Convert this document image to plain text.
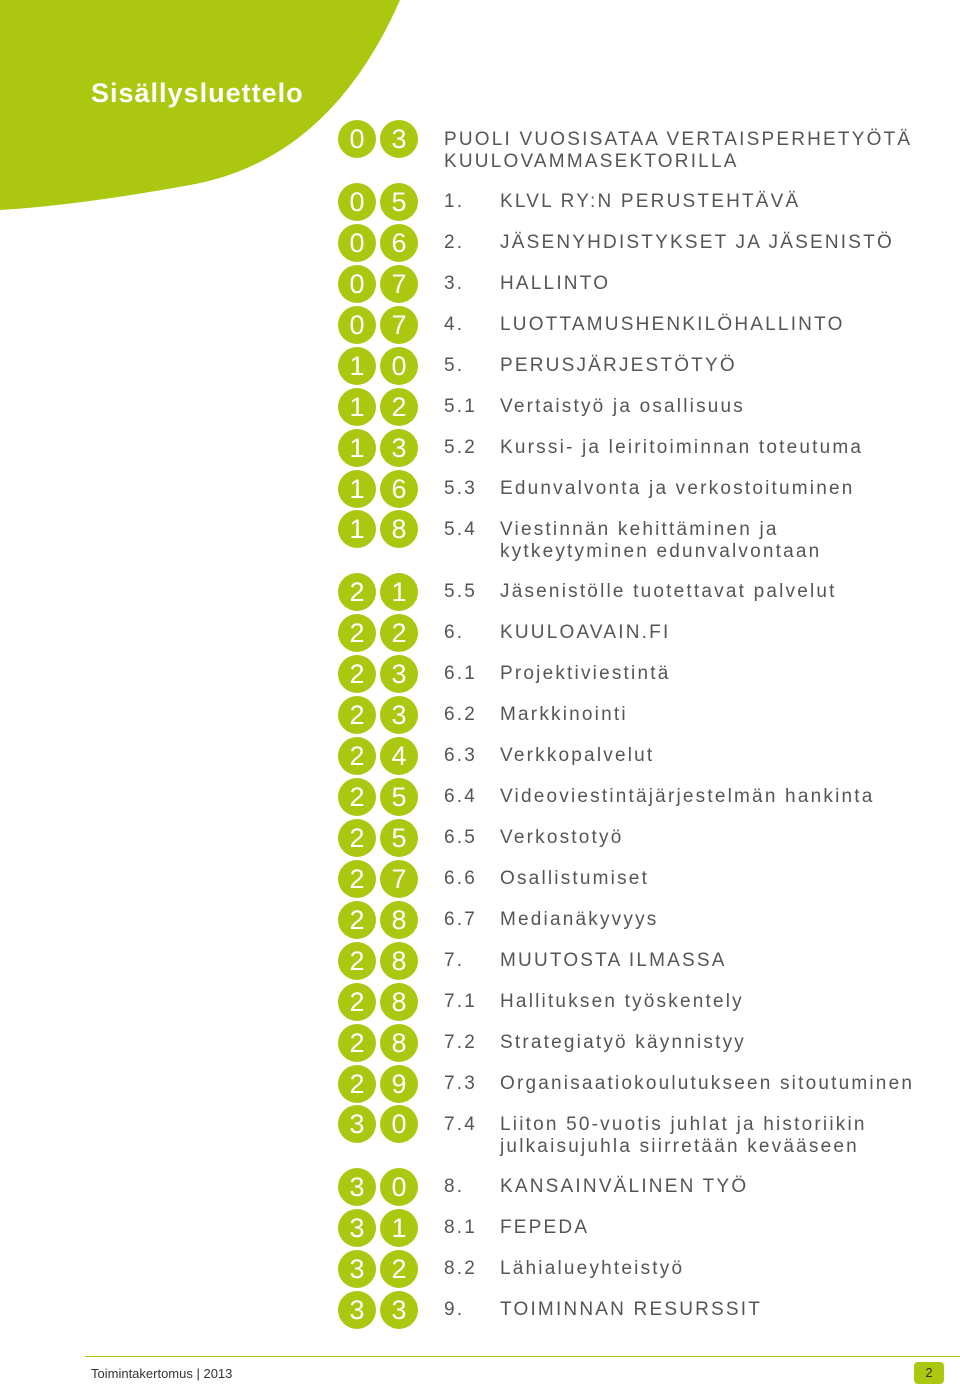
Sisällysluettelo
0 3	PUOLI VUOSISATAA VERTAISPERHETYÖTÄ
KUULOVAMMASEKTORILLA
0 5	1.	KLVL RY:N PERUSTEHTÄVÄ
0 6	2.	JÄSENYHDISTYKSET JA JÄSENISTÖ
0 7	3.	HALLINTO
0 7	4.	LUOTTAMUSHENKILÖHALLINTO
1 0	5.	PERUSJÄRJESTÖTYÖ
1 2	5.1	Vertaistyö ja osallisuus
1 3	5.2	Kurssi- ja leiritoiminnan toteutuma
1 6	5.3	Edunvalvonta ja verkostoituminen
1 8	5.4	Viestinnän kehittäminen ja
kytkeytyminen edunvalvontaan
2 1	5.5	Jäsenistölle tuotettavat palvelut
2 2	6.	KUULOAVAIN.FI
2 3	6.1	Projektiviestintä
2 3	6.2	Markkinointi
2 4	6.3	Verkkopalvelut
2 5	6.4	Videoviestintäjärjestelmän hankinta
2 5	6.5	Verkostotyö
2 7	6.6	Osallistumiset
2 8	6.7	Medianäkyvyys
2 8	7.	MUUTOSTA ILMASSA
2 8	7.1	Hallituksen työskentely
2 8	7.2	Strategiatyö käynnistyy
2 9	7.3	Organisaatiokoulutukseen sitoutuminen
3 0	7.4	Liiton 50-vuotis juhlat ja historiikin
julkaisujuhla siirretään kevääseen
3 0	8.	KANSAINVÄLINEN TYÖ
3 1	8.1	FEPEDA
3 2	8.2	Lähialueyhteistyö
3 3	9.	TOIMINNAN RESURSSIT
Toimintakertomus | 2013	2
